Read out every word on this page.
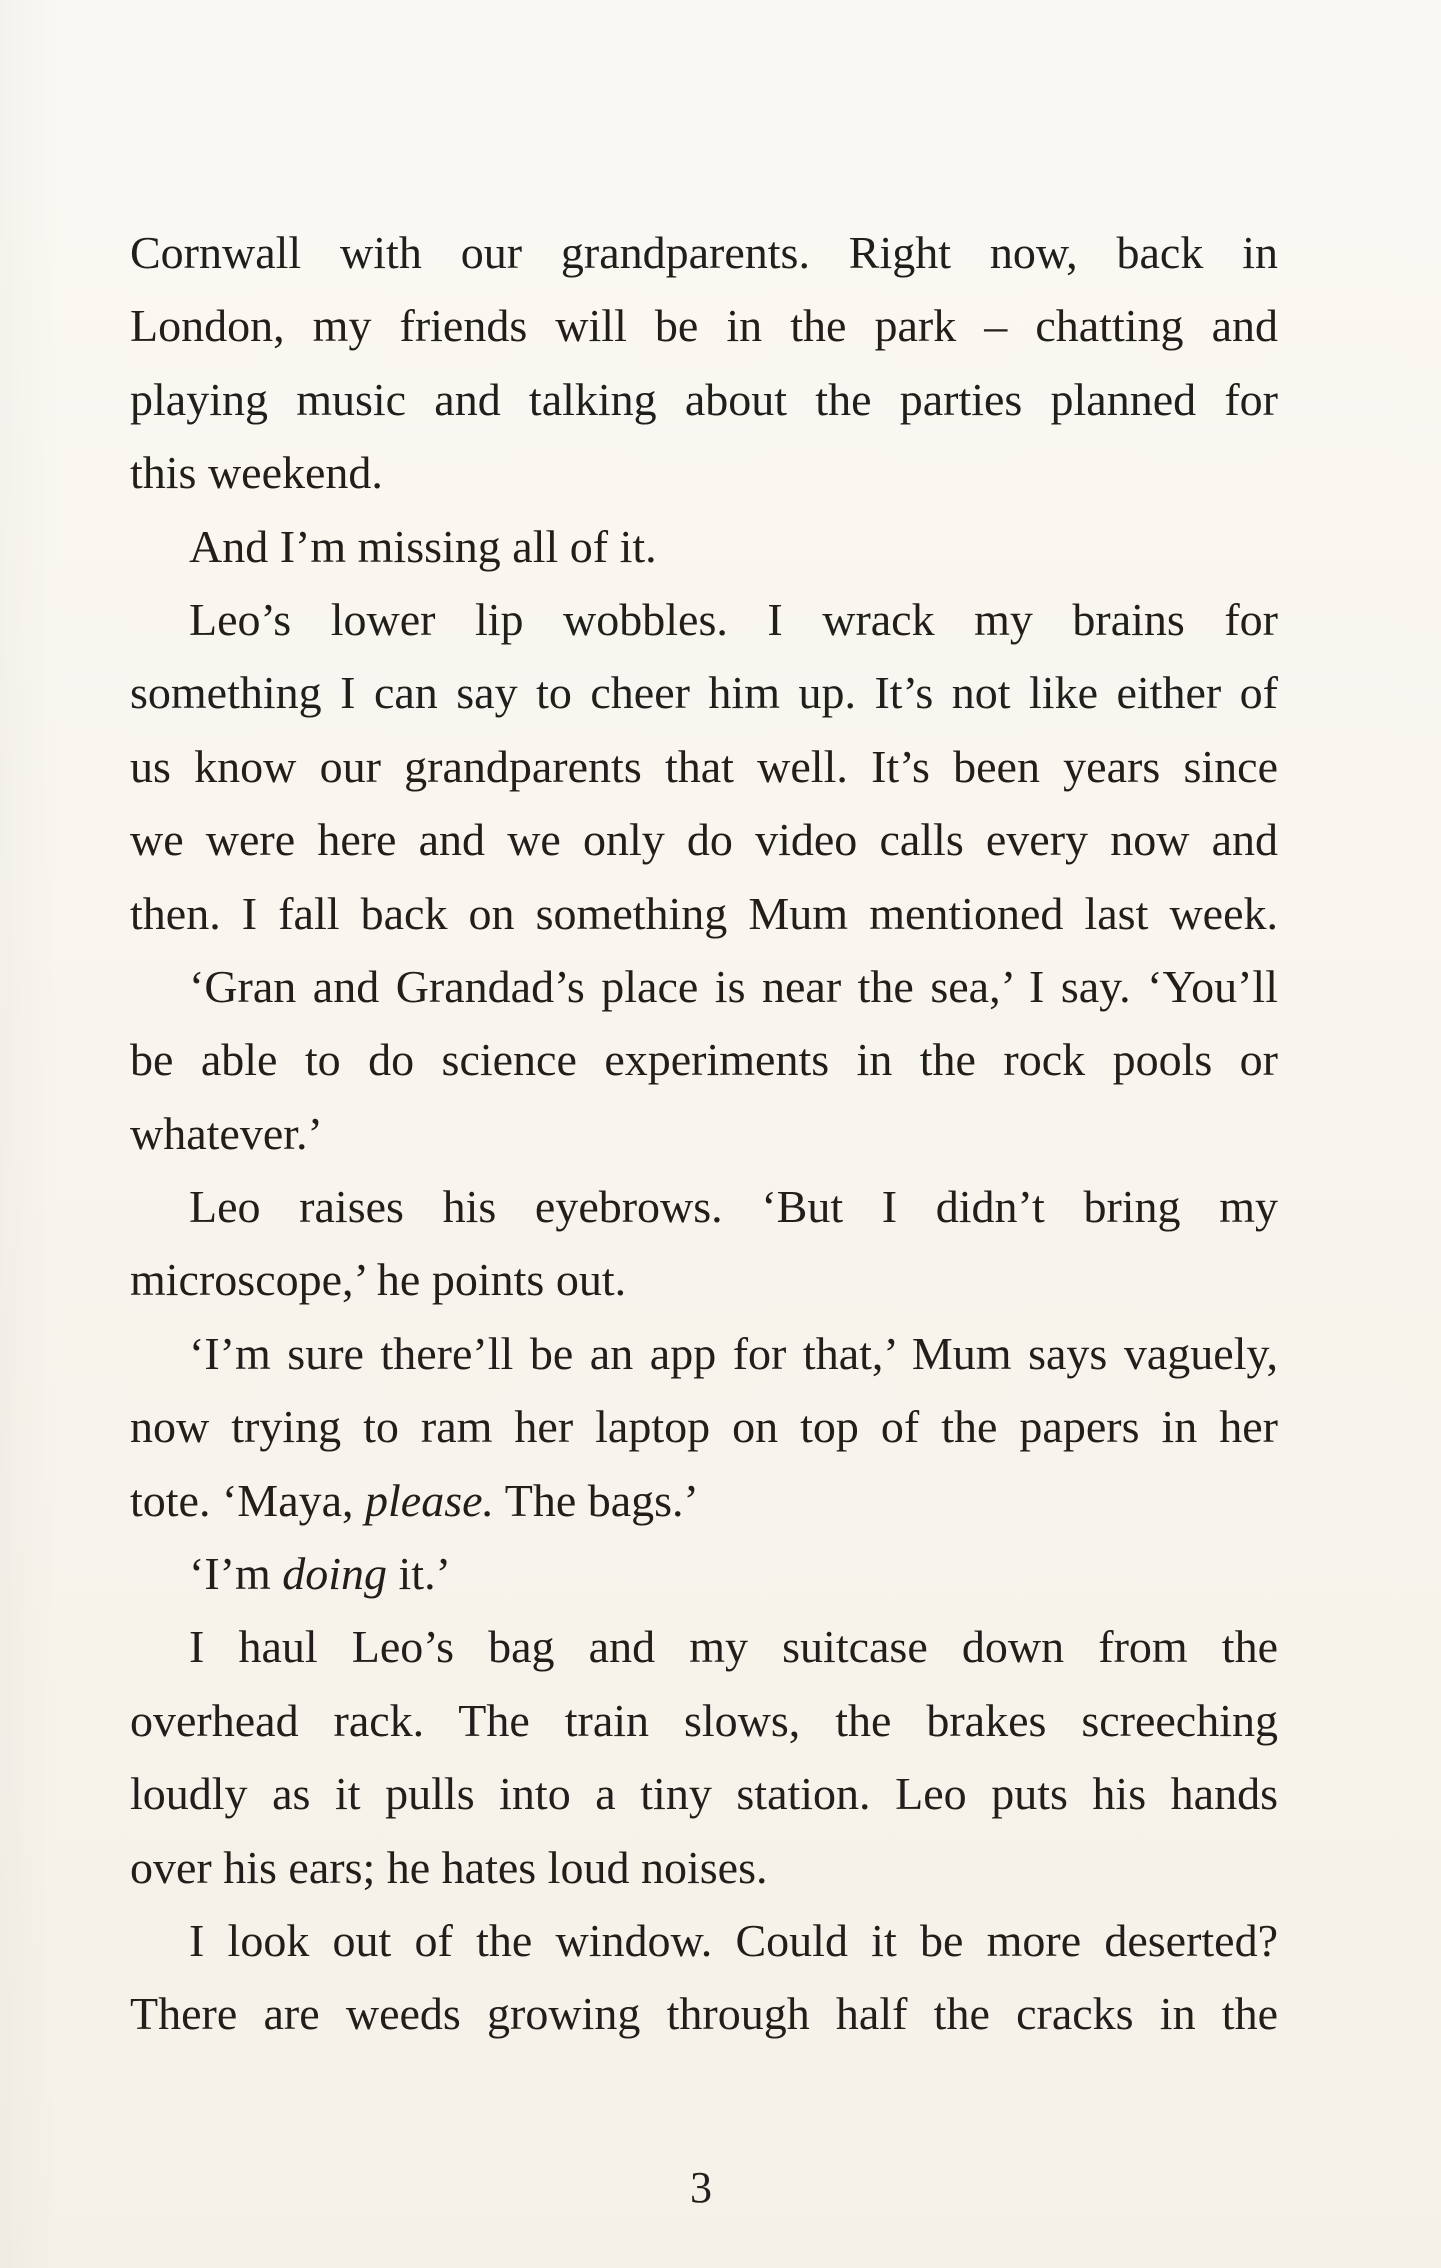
Cornwall with our grandparents. Right now, back in
London, my friends will be in the park – chatting and
playing music and talking about the parties planned for
this weekend.
And I’m missing all of it.
Leo’s lower lip wobbles. I wrack my brains for
something I can say to cheer him up. It’s not like either of
us know our grandparents that well. It’s been years since
we were here and we only do video calls every now and
then. I fall back on something Mum mentioned last week.
‘Gran and Grandad’s place is near the sea,’ I say. ‘You’ll
be able to do science experiments in the rock pools or
whatever.’
Leo raises his eyebrows. ‘But I didn’t bring my
microscope,’ he points out.
‘I’m sure there’ll be an app for that,’ Mum says vaguely,
now trying to ram her laptop on top of the papers in her
tote. ‘Maya, please. The bags.’
‘I’m doing it.’
I haul Leo’s bag and my suitcase down from the
overhead rack. The train slows, the brakes screeching
loudly as it pulls into a tiny station. Leo puts his hands
over his ears; he hates loud noises.
I look out of the window. Could it be more deserted?
There are weeds growing through half the cracks in the
3
